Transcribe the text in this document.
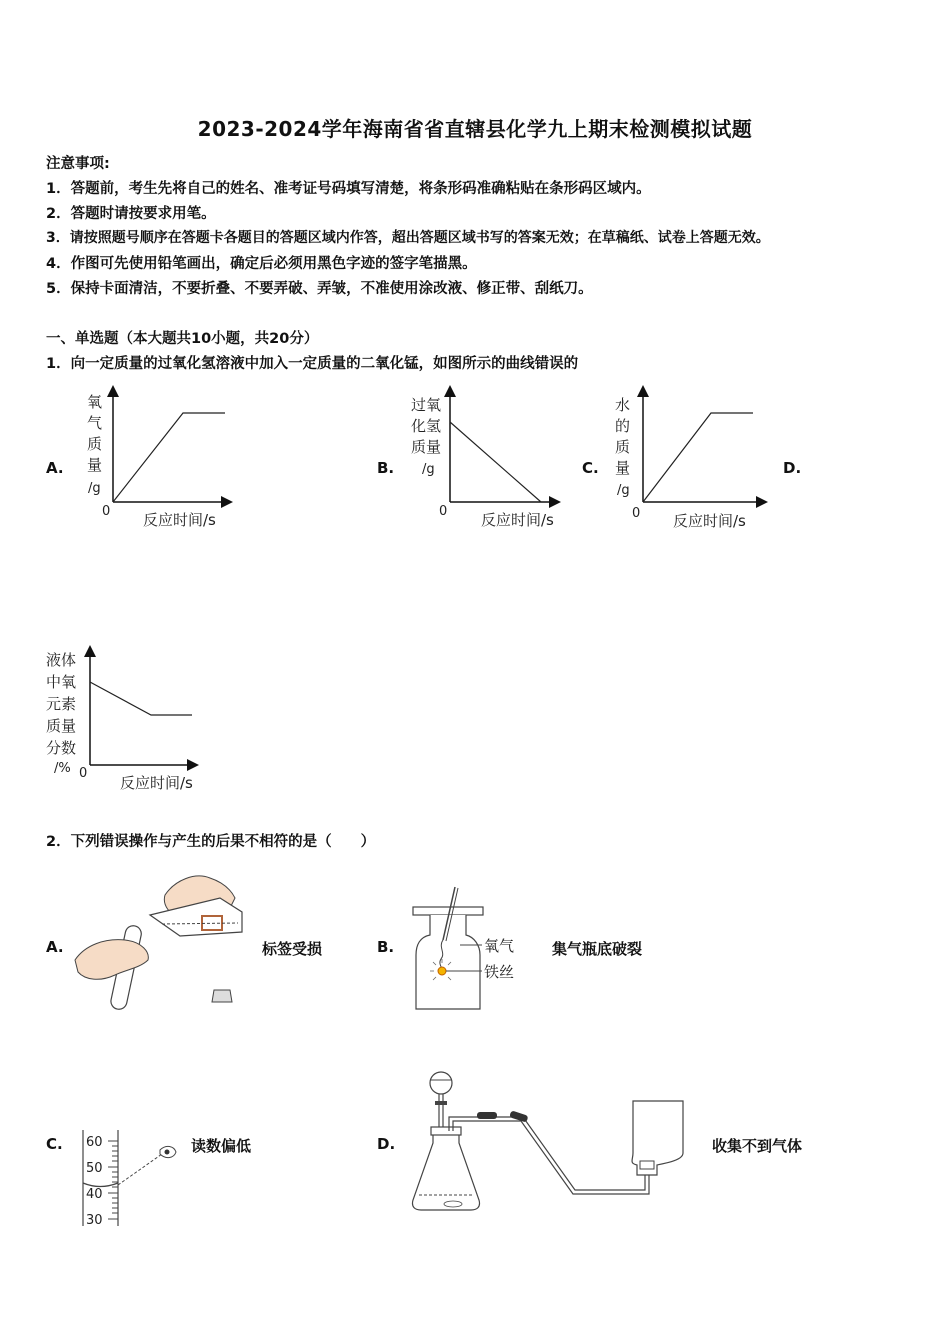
2023-2024学年海南省省直辖县化学九上期末检测模拟试题
注意事项:
1．答题前，考生先将自己的姓名、准考证号码填写清楚，将条形码准确粘贴在条形码区域内。
2．答题时请按要求用笔。
3．请按照题号顺序在答题卡各题目的答题区域内作答，超出答题区域书写的答案无效；在草稿纸、试卷上答题无效。
4．作图可先使用铅笔画出，确定后必须用黑色字迹的签字笔描黑。
5．保持卡面清洁，不要折叠、不要弄破、弄皱，不准使用涂改液、修正带、刮纸刀。
一、单选题（本大题共10小题，共20分）
1．向一定质量的过氧化氢溶液中加入一定质量的二氧化锰，如图所示的曲线错误的
A.	B.	C.	D.
氧
气
质
量
/g
0 反应时间/s
过氧
化氢
质量
/g
0 反应时间/s
水
的
质
量
/g
0 反应时间/s
液体
中氧
元素
质量
分数
/% 0
反应时间/s
2．下列错误操作与产生的后果不相符的是（　　）
A.	标签受损	B.	氧气
铁丝
集气瓶底破裂
C. 60
50
40
30
读数偏低	D.	收集不到气体
